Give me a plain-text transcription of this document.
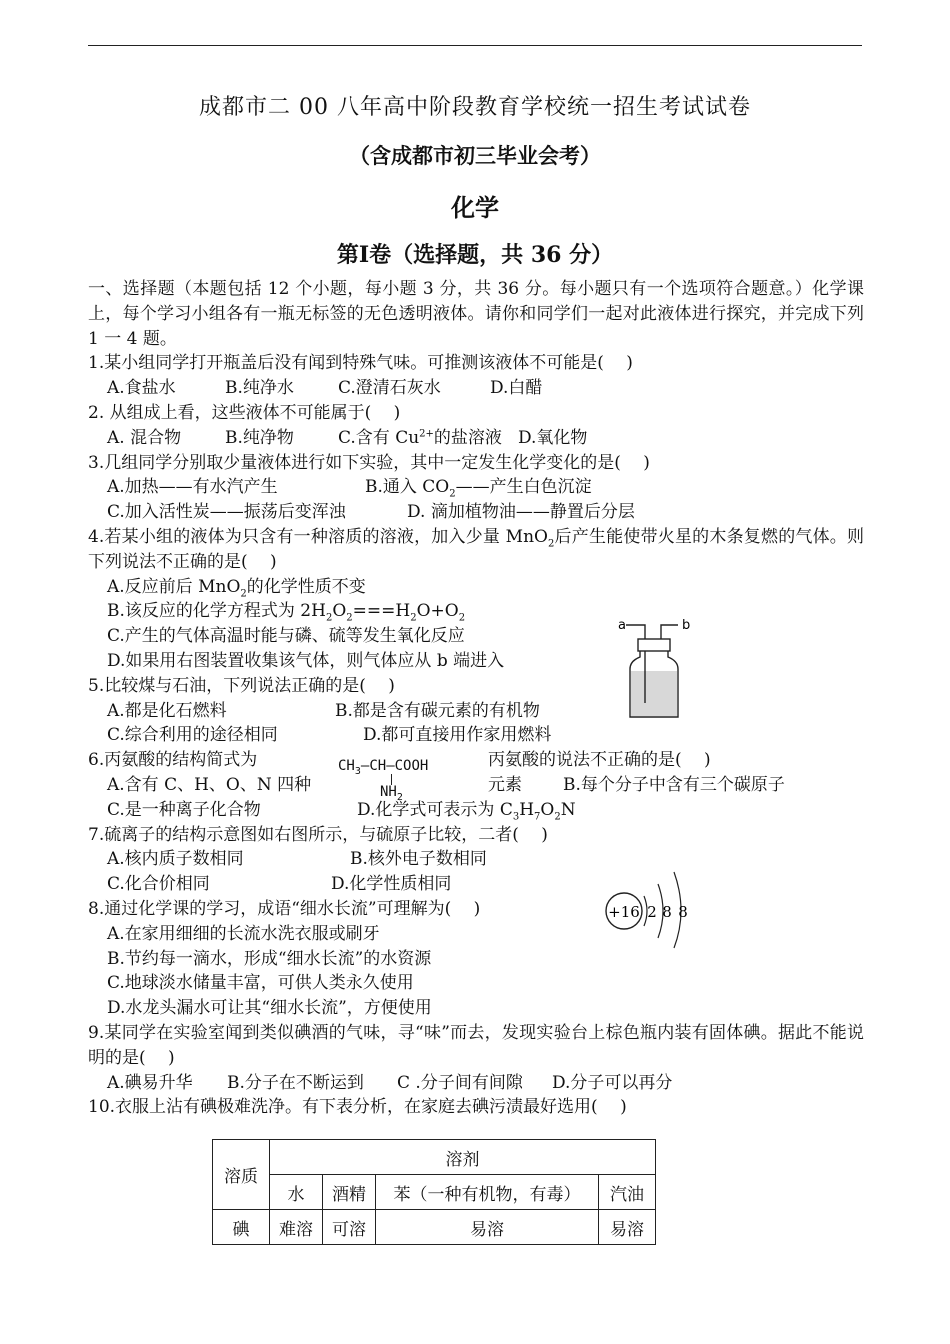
成都市二 00 八年高中阶段教育学校统一招生考试试卷
（含成都市初三毕业会考）
化学
第Ⅰ卷（选择题，共 36 分）
一、选择题（本题包括 12 个小题，每小题 3 分，共 36 分。每小题只有一个选项符合题意。）化学课上，每个学习小组各有一瓶无标签的无色透明液体。请你和同学们一起对此液体进行探究，并完成下列 1 一 4 题。
1.某小组同学打开瓶盖后没有闻到特殊气味。可推测该液体不可能是(　 )
A.食盐水	B.纯净水	C.澄清石灰水	D.白醋
2. 从组成上看，这些液体不可能属于(　 )
A. 混合物	B.纯净物	C.含有 $Cu^{2+}$的盐溶液 D.氧化物
3.几组同学分别取少量液体进行如下实验，其中一定发生化学变化的是(　 )
A.加热——有水汽产生	B.通入 $CO_2——$产生白色沉淀
C.加入活性炭——振荡后变浑浊	D. 滴加植物油——静置后分层
4.若某小组的液体为只含有一种溶质的溶液，加入少量 MnO$_2$后产生能使带火星的木条复燃的气体。则下列说法不正确的是(　 )
A.反应前后 MnO$_2$的化学性质不变
B.该反应的化学方程式为 $2H_2O_2===H_2O+O_2$
C.产生的气体高温时能与磷、硫等发生氧化反应
D.如果用右图装置收集该气体，则气体应从 b 端进入
5.比较煤与石油，下列说法正确的是(　 )
A.都是化石燃料	B.都是含有碳元素的有机物
C.综合利用的途径相同	D.都可直接用作家用燃料
6.丙氨酸的结构简式为	丙氨酸的说法不正确的是(　 )
A.含有 C、H、O、N 四种	元素 B.每个分子中含有三个碳原子
C.是一种离子化合物	D.化学式可表示为 $C_3H_7O_2N$
7.硫离子的结构示意图如右图所示，与硫原子比较，二者(　 )
A.核内质子数相同	B.核外电子数相同
C.化合价相同	D.化学性质相同
8.通过化学课的学习，成语“细水长流”可理解为(　 )
A.在家用细细的长流水洗衣服或刷牙
B.节约每一滴水，形成“细水长流”的水资源
C.地球淡水储量丰富，可供人类永久使用
D.水龙头漏水可让其“细水长流”，方便使用
9.某同学在实验室闻到类似碘酒的气味，寻“味”而去，发现实验台上棕色瓶内装有固体碘。据此不能说明的是(　 )
A.碘易升华 B.分子在不断运到 C .分子间有间隙 D.分子可以再分
10.衣服上沾有碘极难洗净。有下表分析，在家庭去碘污渍最好选用(　 )
a	b
$CH_3―CH―COOH$
$NH_2$
+16 2 8 8
溶质	溶剂			
	水	酒精	苯（一种有机物，有毒）	汽油
碘	难溶	可溶	易溶	易溶
